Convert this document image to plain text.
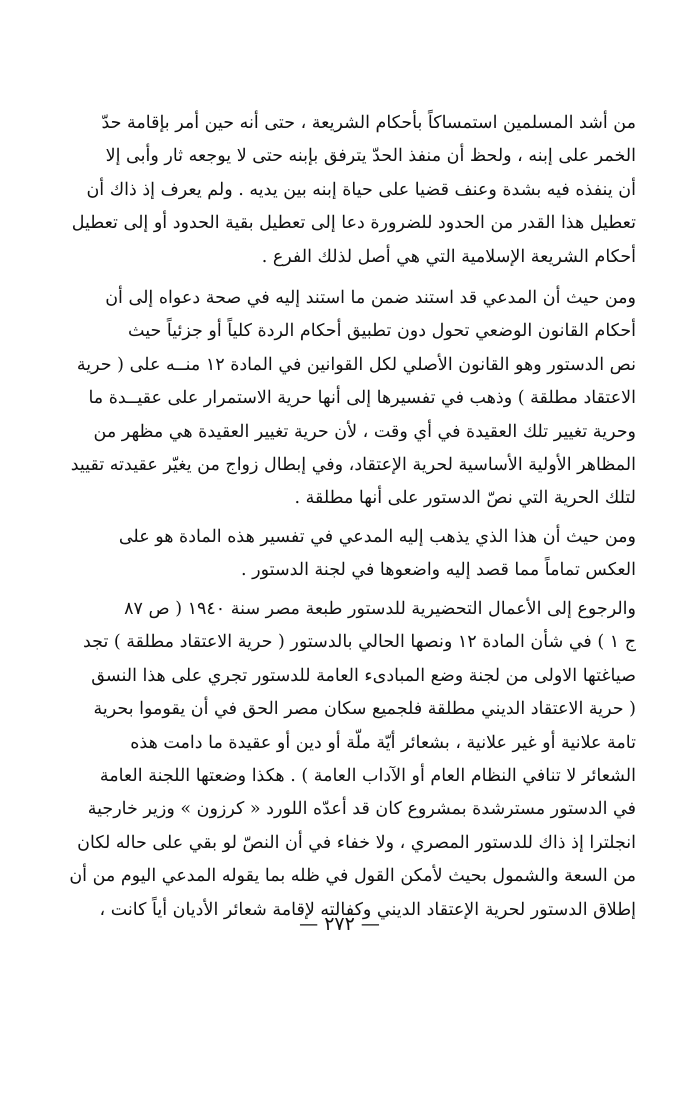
من أشد المسلمين استمساكاً بأحكام الشريعة ، حتى أنه حين أمر بإقامة حدّ
الخمر على إبنه ، ولحظ أن منفذ الحدّ يترفق بإبنه حتى لا يوجعه ثار وأبى إلا
أن ينفذه فيه بشدة وعنف قضيا على حياة إبنه بين يديه . ولم يعرف إذ ذاك أن
تعطيل هذا القدر من الحدود للضرورة دعا إلى تعطيل بقية الحدود أو إلى تعطيل
أحكام الشريعة الإسلامية التي هي أصل لذلك الفرع .
ومن حيث أن المدعي قد استند ضمن ما استند إليه في صحة دعواه إلى أن
أحكام القانون الوضعي تحول دون تطبيق أحكام الردة كلياً أو جزئياً حيث
نص الدستور وهو القانون الأصلي لكل القوانين في المادة ١٢ منــه على ( حرية
الاعتقاد مطلقة ) وذهب في تفسيرها إلى أنها حرية الاستمرار على عقيــدة ما
وحرية تغيير تلك العقيدة في أي وقت ، لأن حرية تغيير العقيدة هي مظهر من
المظاهر الأولية الأساسية لحرية الإعتقاد، وفي إبطال زواج من يغيّر عقيدته تقييد
لتلك الحرية التي نصّ الدستور على أنها مطلقة .
ومن حيث أن هذا الذي يذهب إليه المدعي في تفسير هذه المادة هو على
العكس تماماً مما قصد إليه واضعوها في لجنة الدستور .
والرجوع إلى الأعمال التحضيرية للدستور طبعة مصر سنة ١٩٤٠ ( ص ٨٧
ج ١ ) في شأن المادة ١٢ ونصها الحالي بالدستور ( حرية الاعتقاد مطلقة ) تجد
صياغتها الاولى من لجنة وضع المبادىء العامة للدستور تجري على هذا النسق
( حرية الاعتقاد الديني مطلقة فلجميع سكان مصر الحق في أن يقوموا بحرية
تامة علانية أو غير علانية ، بشعائر أيّة ملّة أو دين أو عقيدة ما دامت هذه
الشعائر لا تنافي النظام العام أو الآداب العامة ) . هكذا وضعتها اللجنة العامة
في الدستور مسترشدة بمشروع كان قد أعدّه اللورد « كرزون » وزير خارجية
انجلترا إذ ذاك للدستور المصري ، ولا خفاء في أن النصّ لو بقي على حاله لكان
من السعة والشمول بحيث لأمكن القول في ظله بما يقوله المدعي اليوم من أن
إطلاق الدستور لحرية الإعتقاد الديني وكفالته لإقامة شعائر الأديان أياً كانت ،
— ٢٧٢ —
